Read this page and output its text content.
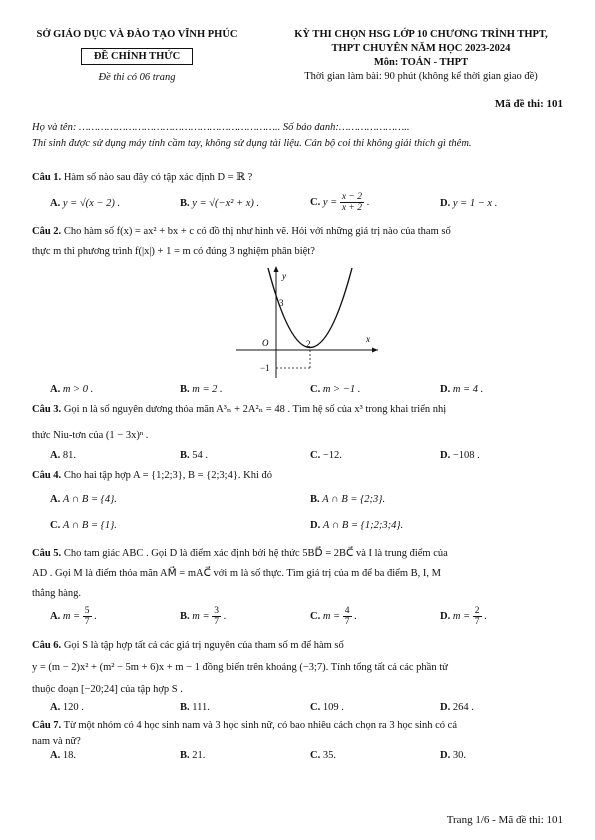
SỞ GIÁO DỤC VÀ ĐÀO TẠO VĨNH PHÚC
ĐỀ CHÍNH THỨC
Đề thi có 06 trang
KỲ THI CHỌN HSG LỚP 10 CHƯƠNG TRÌNH THPT,
THPT CHUYÊN NĂM HỌC 2023-2024
Môn: TOÁN - THPT
Thời gian làm bài: 90 phút (không kể thời gian giao đề)
Mã đề thi: 101
Họ và tên: ……………………………………………………….. Số báo danh:…………………..
Thí sinh được sử dụng máy tính cầm tay, không sử dụng tài liệu. Cán bộ coi thi không giải thích gì thêm.
Câu 1. Hàm số nào sau đây có tập xác định D = ℝ ?
A. y = √(x − 2) .	B. y = √(−x² + x) .	C. $y = \frac{x - 2}{x + 2}$ .	D. y = 1 − x .
Câu 2. Cho hàm số f(x) = ax² + bx + c có đồ thị như hình vẽ. Hỏi với những giá trị nào của tham số
thực m thì phương trình f(|x|) + 1 = m có đúng 3 nghiệm phân biệt?
y
x
O
3
2
−1
A. m > 0 .	B. m = 2 .	C. m > −1 .	D. m = 4 .
Câu 3. Gọi n là số nguyên dương thỏa mãn A³ₙ + 2A²ₙ = 48 . Tìm hệ số của x³ trong khai triển nhị
thức Niu-tơn của (1 − 3x)ⁿ .
A. 81.	B. 54 .	C. −12.	D. −108 .
Câu 4. Cho hai tập hợp A = {1;2;3}, B = {2;3;4}. Khi đó
A. A ∩ B = {4}.	B. A ∩ B = {2;3}.
C. A ∩ B = {1}.	D. A ∩ B = {1;2;3;4}.
Câu 5. Cho tam giác ABC . Gọi D là điểm xác định bởi hệ thức 5BD⃗ = 2BC⃗ và I là trung điểm của
AD . Gọi M là điểm thỏa mãn AM⃗ = mAC⃗ với m là số thực. Tìm giá trị của m để ba điểm B, I, M
thẳng hàng.
A. $m = \frac{5}{7}$ .	B. $m = \frac{3}{7}$ .	C. $m = \frac{4}{7}$ .	D. $m = \frac{2}{7}$ .
Câu 6. Gọi S là tập hợp tất cả các giá trị nguyên của tham số m để hàm số
y = (m − 2)x² + (m² − 5m + 6)x + m − 1 đồng biến trên khoảng (−3;7). Tính tổng tất cả các phần tử
thuộc đoạn [−20;24] của tập hợp S .
A. 120 .	B. 111.	C. 109 .	D. 264 .
Câu 7. Từ một nhóm có 4 học sinh nam và 3 học sinh nữ, có bao nhiêu cách chọn ra 3 học sinh có cả
nam và nữ?
A. 18.	B. 21.	C. 35.	D. 30.
Trang 1/6 - Mã đề thi: 101
